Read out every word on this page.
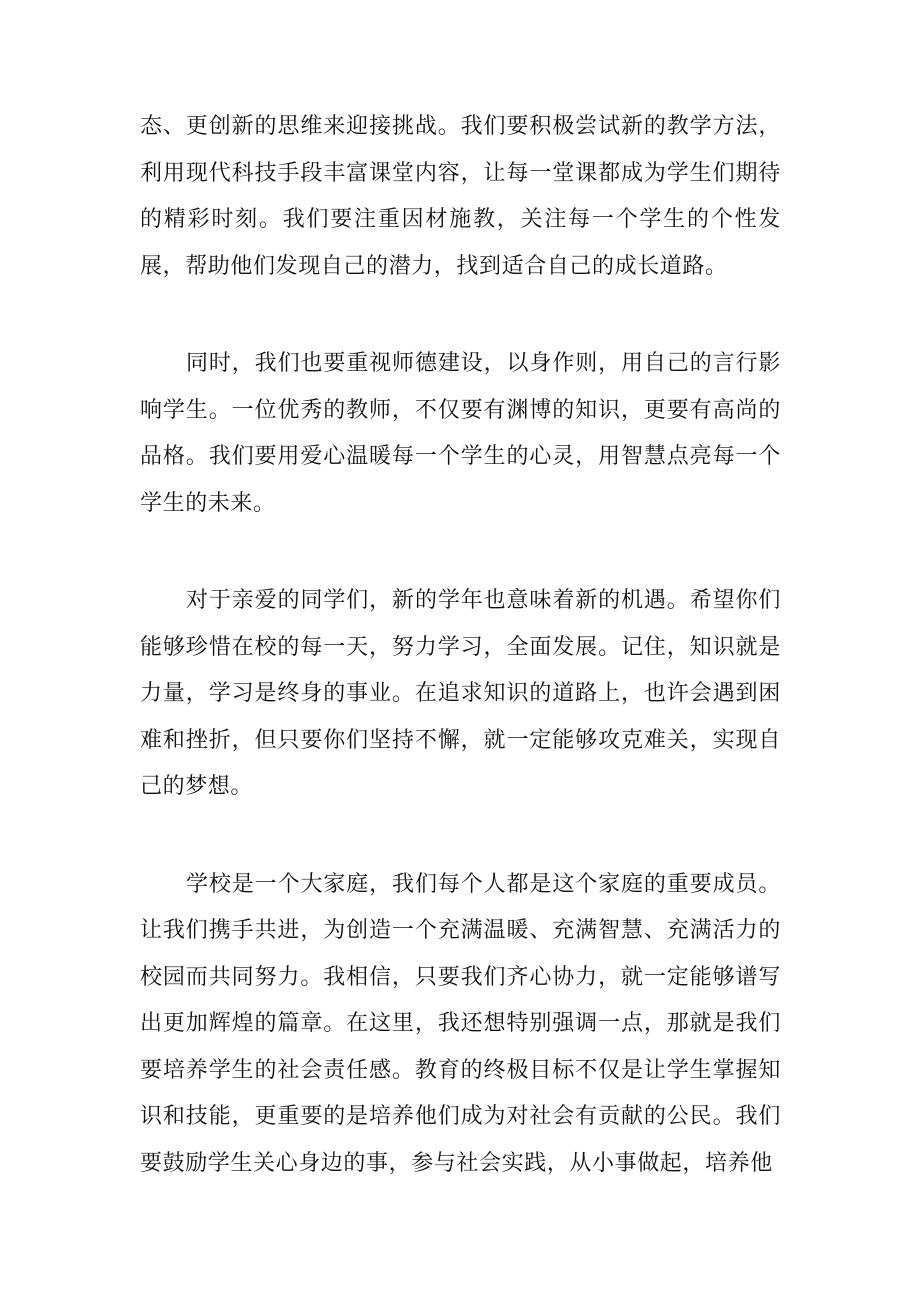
态、更创新的思维来迎接挑战。我们要积极尝试新的教学方法，利用现代科技手段丰富课堂内容，让每一堂课都成为学生们期待的精彩时刻。我们要注重因材施教，关注每一个学生的个性发展，帮助他们发现自己的潜力，找到适合自己的成长道路。

同时，我们也要重视师德建设，以身作则，用自己的言行影响学生。一位优秀的教师，不仅要有渊博的知识，更要有高尚的品格。我们要用爱心温暖每一个学生的心灵，用智慧点亮每一个学生的未来。

对于亲爱的同学们，新的学年也意味着新的机遇。希望你们能够珍惜在校的每一天，努力学习，全面发展。记住，知识就是力量，学习是终身的事业。在追求知识的道路上，也许会遇到困难和挫折，但只要你们坚持不懈，就一定能够攻克难关，实现自己的梦想。

学校是一个大家庭，我们每个人都是这个家庭的重要成员。让我们携手共进，为创造一个充满温暖、充满智慧、充满活力的校园而共同努力。我相信，只要我们齐心协力，就一定能够谱写出更加辉煌的篇章。在这里，我还想特别强调一点，那就是我们要培养学生的社会责任感。教育的终极目标不仅是让学生掌握知识和技能，更重要的是培养他们成为对社会有贡献的公民。我们要鼓励学生关心身边的事，参与社会实践，从小事做起，培养他
